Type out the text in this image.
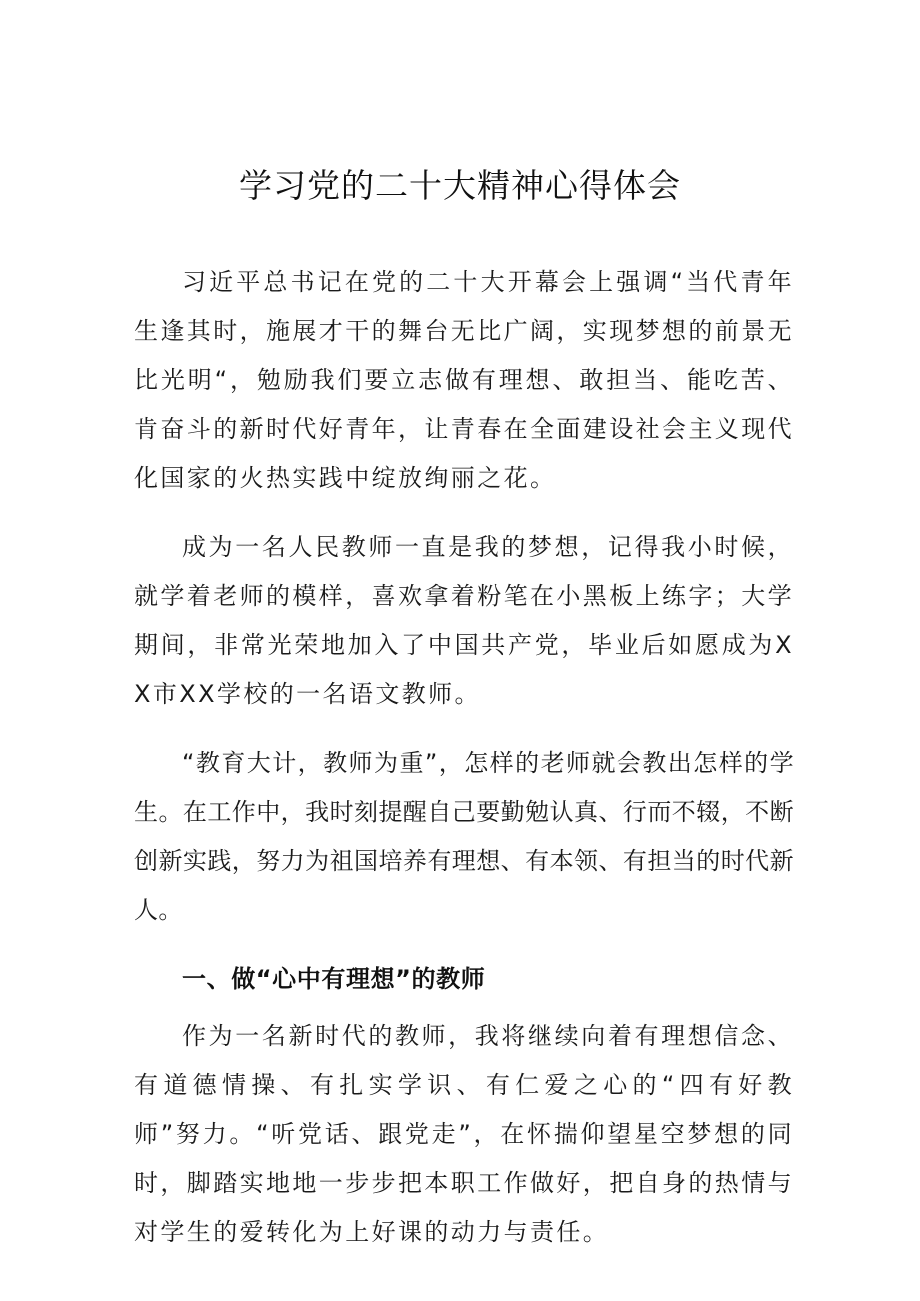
学习党的二十大精神心得体会

习近平总书记在党的二十大开幕会上强调“当代青年生逢其时，施展才干的舞台无比广阔，实现梦想的前景无比光明“，勉励我们要立志做有理想、敢担当、能吃苦、肯奋斗的新时代好青年，让青春在全面建设社会主义现代化国家的火热实践中绽放绚丽之花。

成为一名人民教师一直是我的梦想，记得我小时候，就学着老师的模样，喜欢拿着粉笔在小黑板上练字；大学期间，非常光荣地加入了中国共产党，毕业后如愿成为XX市XX学校的一名语文教师。

“教育大计，教师为重”，怎样的老师就会教出怎样的学生。在工作中，我时刻提醒自己要勤勉认真、行而不辍，不断创新实践，努力为祖国培养有理想、有本领、有担当的时代新人。

一、做“心中有理想”的教师

作为一名新时代的教师，我将继续向着有理想信念、有道德情操、有扎实学识、有仁爱之心的“四有好教师”努力。“听党话、跟党走”，在怀揣仰望星空梦想的同时，脚踏实地地一步步把本职工作做好，把自身的热情与对学生的爱转化为上好课的动力与责任。
